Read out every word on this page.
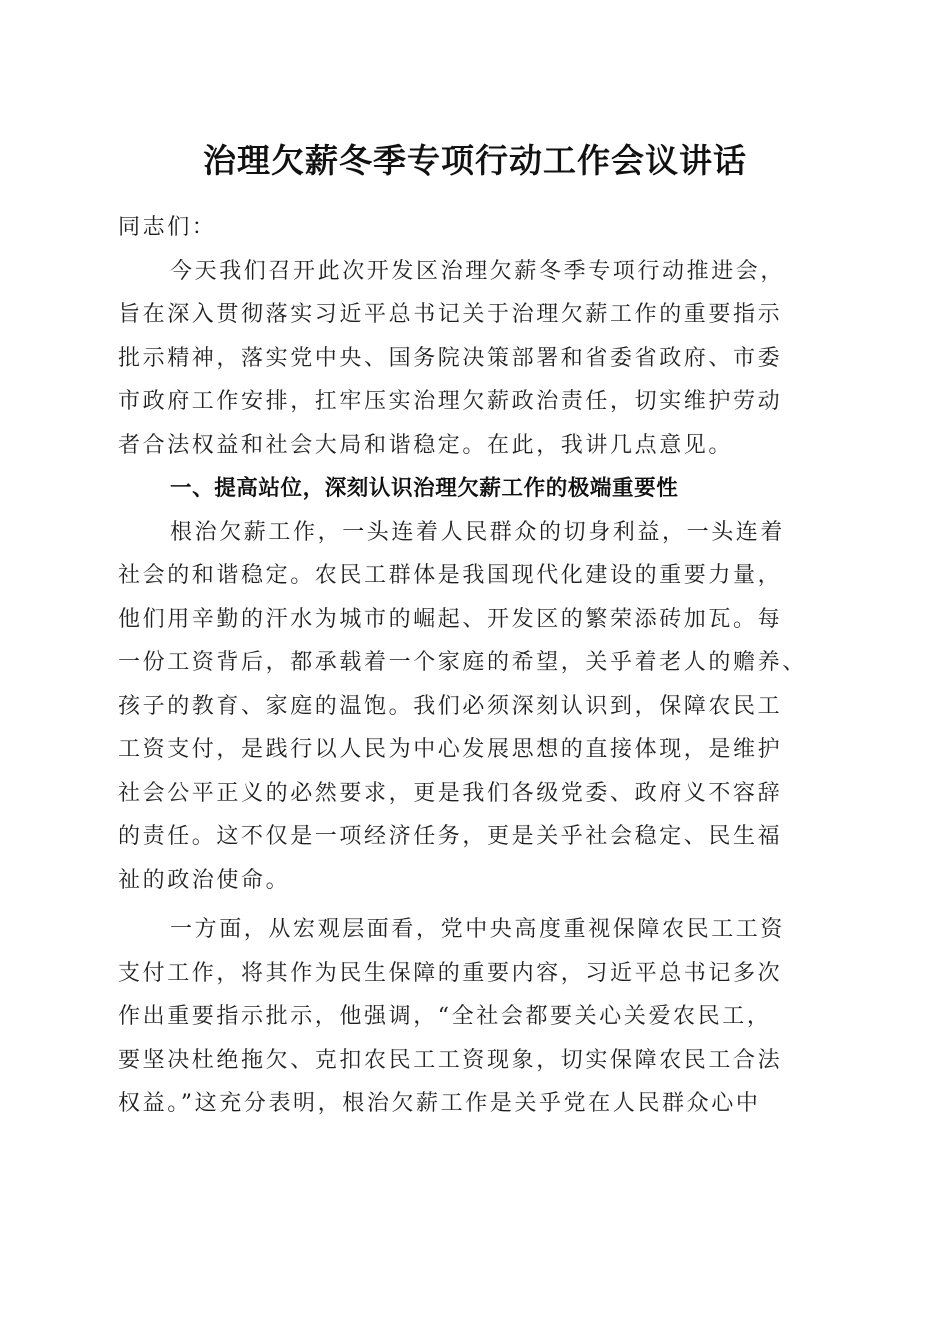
治理欠薪冬季专项行动工作会议讲话
同志们：
今天我们召开此次开发区治理欠薪冬季专项行动推进会，
旨在深入贯彻落实习近平总书记关于治理欠薪工作的重要指示
批示精神，落实党中央、国务院决策部署和省委省政府、市委
市政府工作安排，扛牢压实治理欠薪政治责任，切实维护劳动
者合法权益和社会大局和谐稳定。在此，我讲几点意见。
一、提高站位，深刻认识治理欠薪工作的极端重要性
根治欠薪工作，一头连着人民群众的切身利益，一头连着
社会的和谐稳定。农民工群体是我国现代化建设的重要力量，
他们用辛勤的汗水为城市的崛起、开发区的繁荣添砖加瓦。每
一份工资背后，都承载着一个家庭的希望，关乎着老人的赡养、
孩子的教育、家庭的温饱。我们必须深刻认识到，保障农民工
工资支付，是践行以人民为中心发展思想的直接体现，是维护
社会公平正义的必然要求，更是我们各级党委、政府义不容辞
的责任。这不仅是一项经济任务，更是关乎社会稳定、民生福
祉的政治使命。
一方面，从宏观层面看，党中央高度重视保障农民工工资
支付工作，将其作为民生保障的重要内容，习近平总书记多次
作出重要指示批示，他强调，“全社会都要关心关爱农民工，
要坚决杜绝拖欠、克扣农民工工资现象，切实保障农民工合法
权益。”这充分表明，根治欠薪工作是关乎党在人民群众心中
